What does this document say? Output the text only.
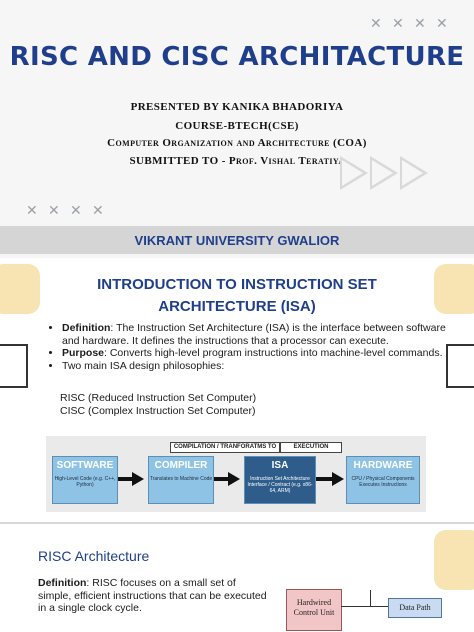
✕ ✕ ✕ ✕
RISC AND CISC ARCHITACTURE
PRESENTED BY KANIKA BHADORIYA
COURSE-BTECH(CSE)
Computer Organization and Architecture (COA)
SUBMITTED TO - Prof. Vishal Teratiya
✕ ✕ ✕ ✕
VIKRANT UNIVERSITY GWALIOR
INTRODUCTION TO INSTRUCTION SET
ARCHITECTURE (ISA)
• Definition: The Instruction Set Architecture (ISA) is the interface between software and hardware. It defines the instructions that a processor can execute.
• Purpose: Converts high-level program instructions into machine-level commands.
• Two main ISA design philosophies:
RISC (Reduced Instruction Set Computer)
CISC (Complex Instruction Set Computer)
COMPILATION / TRANFORATMS TO	EXECUTION
SOFTWARE
High-Level Code (e.g. C++, Python)
COMPILER
Translates to Machine Code
ISA
Instruction Set Architecture Interface / Contract (e.g. x86-64, ARM)
HARDWARE
CPU / Physical Components Executes Instructions
RISC Architecture
Definition: RISC focuses on a small set of simple, efficient instructions that can be executed in a single clock cycle.	Hardwired Control Unit
Data Path
